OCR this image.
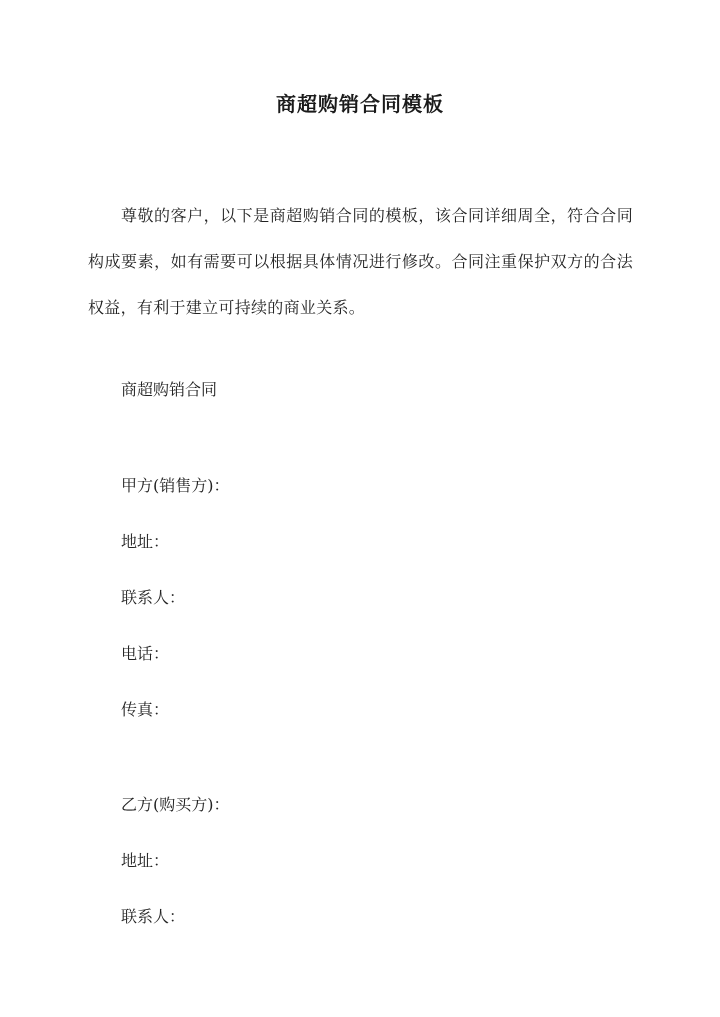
商超购销合同模板

尊敬的客户，以下是商超购销合同的模板，该合同详细周全，符合合同构成要素，如有需要可以根据具体情况进行修改。合同注重保护双方的合法权益，有利于建立可持续的商业关系。

商超购销合同
甲方(销售方)：
地址：
联系人：
电话：
传真：
乙方(购买方)：
地址：
联系人：
